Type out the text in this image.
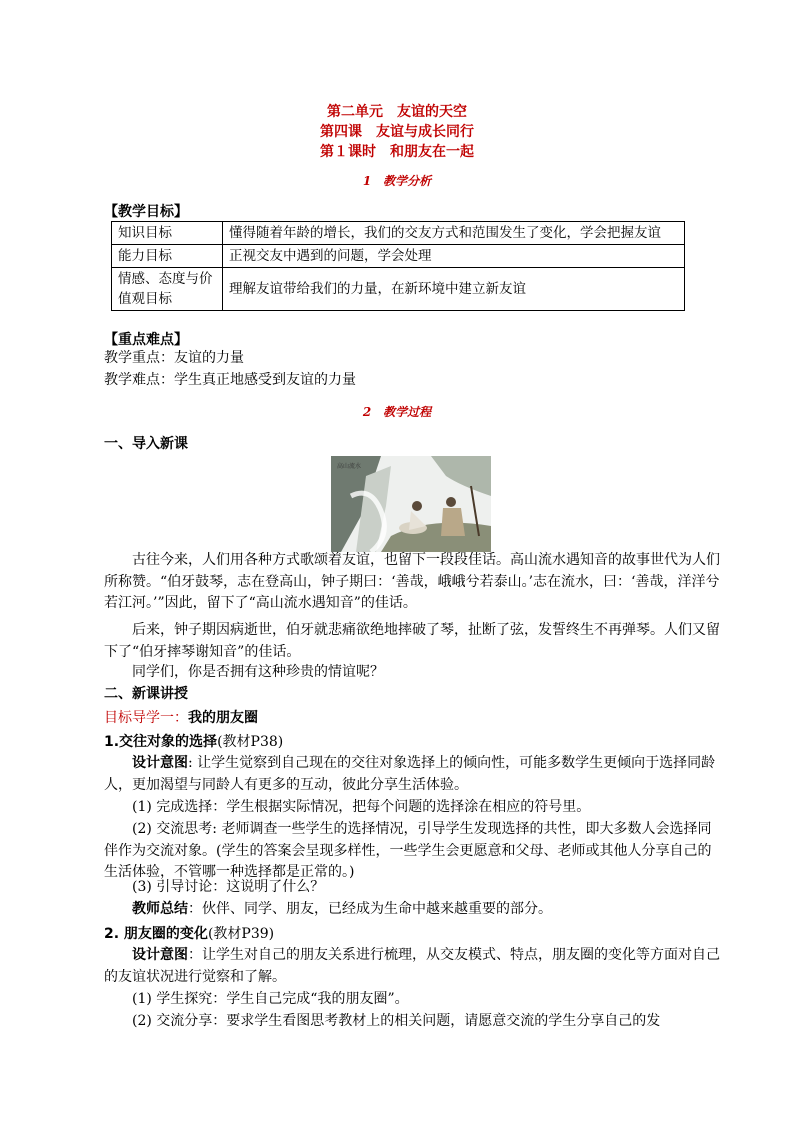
第二单元　友谊的天空
第四课　友谊与成长同行
第１课时　和朋友在一起
1　教学分析
【教学目标】
知识目标	懂得随着年龄的增长，我们的交友方式和范围发生了变化，学会把握友谊
能力目标	正视交友中遇到的问题，学会处理
情感、态度与价值观目标	理解友谊带给我们的力量，在新环境中建立新友谊
【重点难点】
教学重点：友谊的力量
教学难点：学生真正地感受到友谊的力量
2　教学过程
一、导入新课
高山流水
古往今来，人们用各种方式歌颂着友谊，也留下一段段佳话。高山流水遇知音的故事世代为人们所称赞。“伯牙鼓琴，志在登高山，钟子期曰：‘善哉，峨峨兮若泰山。’志在流水，曰：‘善哉，洋洋兮若江河。’”因此，留下了“高山流水遇知音”的佳话。
后来，钟子期因病逝世，伯牙就悲痛欲绝地摔破了琴，扯断了弦，发誓终生不再弹琴。人们又留下了“伯牙摔琴谢知音”的佳话。
同学们，你是否拥有这种珍贵的情谊呢？
二、新课讲授
目标导学一：我的朋友圈
1.交往对象的选择(教材P38)
设计意图: 让学生觉察到自己现在的交往对象选择上的倾向性，可能多数学生更倾向于选择同龄人，更加渴望与同龄人有更多的互动，彼此分享生活体验。
(1) 完成选择：学生根据实际情况，把每个问题的选择涂在相应的符号里。
(2) 交流思考: 老师调查一些学生的选择情况，引导学生发现选择的共性，即大多数人会选择同伴作为交流对象。(学生的答案会呈现多样性，一些学生会更愿意和父母、老师或其他人分享自己的生活体验，不管哪一种选择都是正常的。)
(3) 引导讨论：这说明了什么？
教师总结：伙伴、同学、朋友，已经成为生命中越来越重要的部分。
2. 朋友圈的变化(教材P39)
设计意图：让学生对自己的朋友关系进行梳理，从交友模式、特点，朋友圈的变化等方面对自己的友谊状况进行觉察和了解。
(1) 学生探究：学生自己完成“我的朋友圈”。
(2) 交流分享：要求学生看图思考教材上的相关问题，请愿意交流的学生分享自己的发
